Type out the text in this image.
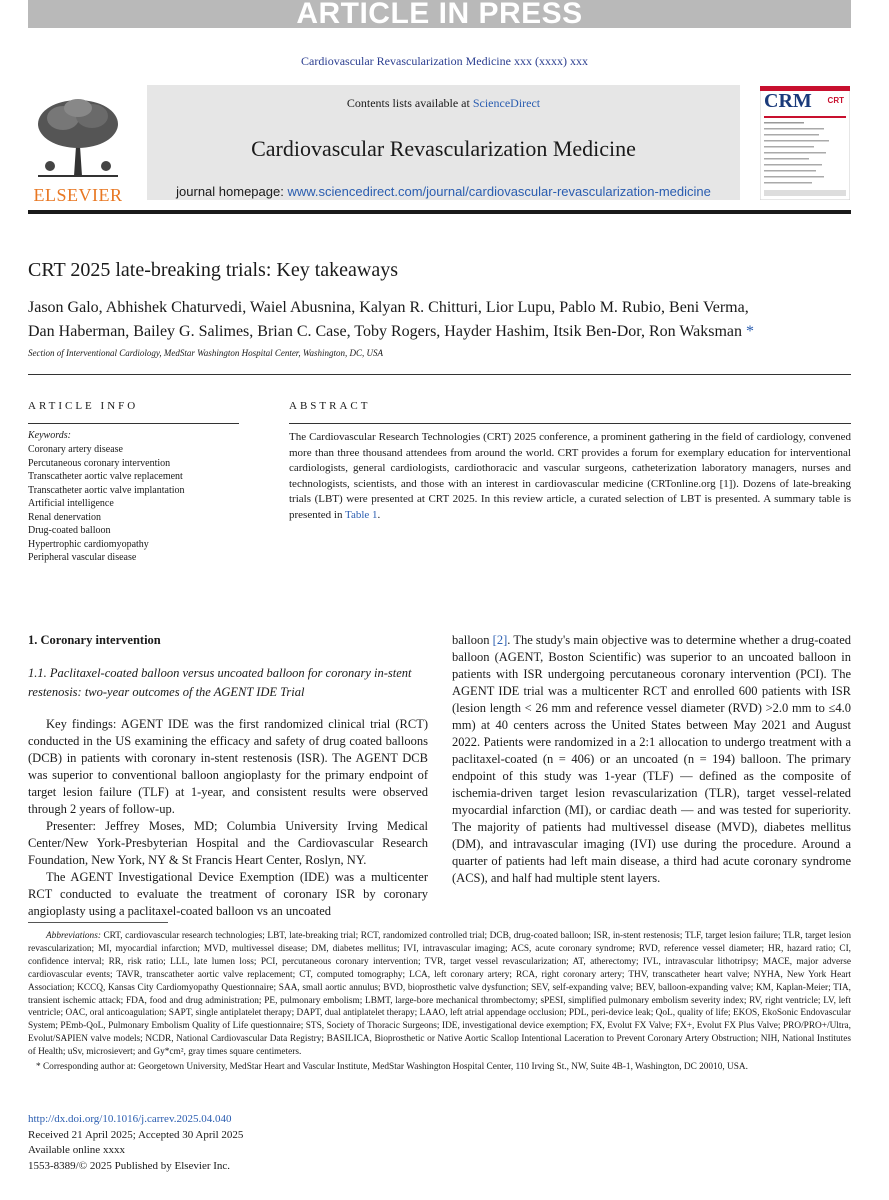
ARTICLE IN PRESS
Cardiovascular Revascularization Medicine xxx (xxxx) xxx
ELSEVIER
Contents lists available at ScienceDirect
Cardiovascular Revascularization Medicine
journal homepage: www.sciencedirect.com/journal/cardiovascular-revascularization-medicine
CRM CRT
CRT 2025 late-breaking trials: Key takeaways
Jason Galo, Abhishek Chaturvedi, Waiel Abusnina, Kalyan R. Chitturi, Lior Lupu, Pablo M. Rubio, Beni Verma,
Dan Haberman, Bailey G. Salimes, Brian C. Case, Toby Rogers, Hayder Hashim, Itsik Ben-Dor, Ron Waksman *
Section of Interventional Cardiology, MedStar Washington Hospital Center, Washington, DC, USA
ARTICLE INFO
Keywords:
Coronary artery disease
Percutaneous coronary intervention
Transcatheter aortic valve replacement
Transcatheter aortic valve implantation
Artificial intelligence
Renal denervation
Drug-coated balloon
Hypertrophic cardiomyopathy
Peripheral vascular disease
ABSTRACT
The Cardiovascular Research Technologies (CRT) 2025 conference, a prominent gathering in the field of cardiology, convened more than three thousand attendees from around the world. CRT provides a forum for exemplary education for interventional cardiologists, general cardiologists, cardiothoracic and vascular surgeons, catheterization laboratory managers, nurses and technologists, scientists, and those with an interest in cardiovascular medicine (CRTonline.org [1]). Dozens of late-breaking trials (LBT) were presented at CRT 2025. In this review article, a curated selection of LBT is presented. A summary table is presented in Table 1.
1. Coronary intervention
1.1. Paclitaxel-coated balloon versus uncoated balloon for coronary in-stent restenosis: two-year outcomes of the AGENT IDE Trial

Key findings: AGENT IDE was the first randomized clinical trial (RCT) conducted in the US examining the efficacy and safety of drug coated balloons (DCB) in patients with coronary in-stent restenosis (ISR). The AGENT DCB was superior to conventional balloon angioplasty for the primary endpoint of target lesion failure (TLF) at 1-year, and consistent results were observed through 2 years of follow-up.

Presenter: Jeffrey Moses, MD; Columbia University Irving Medical Center/New York-Presbyterian Hospital and the Cardiovascular Research Foundation, New York, NY & St Francis Heart Center, Roslyn, NY.

The AGENT Investigational Device Exemption (IDE) was a multicenter RCT conducted to evaluate the treatment of coronary ISR by coronary angioplasty using a paclitaxel-coated balloon vs an uncoated

balloon [2]. The study's main objective was to determine whether a drug-coated balloon (AGENT, Boston Scientific) was superior to an uncoated balloon in patients with ISR undergoing percutaneous coronary intervention (PCI). The AGENT IDE trial was a multicenter RCT and enrolled 600 patients with ISR (lesion length < 26 mm and reference vessel diameter (RVD) >2.0 mm to ≤4.0 mm) at 40 centers across the United States between May 2021 and August 2022. Patients were randomized in a 2:1 allocation to undergo treatment with a paclitaxel-coated (n = 406) or an uncoated (n = 194) balloon. The primary endpoint of this study was 1-year (TLF) — defined as the composite of ischemia-driven target lesion revascularization (TLR), target vessel-related myocardial infarction (MI), or cardiac death — and was tested for superiority. The majority of patients had multivessel disease (MVD), diabetes mellitus (DM), and intravascular imaging (IVI) use during the procedure. Around a quarter of patients had left main disease, a third had acute coronary syndrome (ACS), and half had multiple stent layers.

Abbreviations: CRT, cardiovascular research technologies; LBT, late-breaking trial; RCT, randomized controlled trial; DCB, drug-coated balloon; ISR, in-stent restenosis; TLF, target lesion failure; TLR, target lesion revascularization; MI, myocardial infarction; MVD, multivessel disease; DM, diabetes mellitus; IVI, intravascular imaging; ACS, acute coronary syndrome; RVD, reference vessel diameter; HR, hazard ratio; CI, confidence interval; RR, risk ratio; LLL, late lumen loss; PCI, percutaneous coronary intervention; TVR, target vessel revascularization; AT, atherectomy; IVL, intravascular lithotripsy; MACE, major adverse cardiovascular events; TAVR, transcatheter aortic valve replacement; CT, computed tomography; LCA, left coronary artery; RCA, right coronary artery; THV, transcatheter heart valve; NYHA, New York Heart Association; KCCQ, Kansas City Cardiomyopathy Questionnaire; SAA, small aortic annulus; BVD, bioprosthetic valve dysfunction; SEV, self-expanding valve; BEV, balloon-expanding valve; KM, Kaplan-Meier; TIA, transient ischemic attack; FDA, food and drug administration; PE, pulmonary embolism; LBMT, large-bore mechanical thrombectomy; sPESI, simplified pulmonary embolism severity index; RV, right ventricle; LV, left ventricle; OAC, oral anticoagulation; SAPT, single antiplatelet therapy; DAPT, dual antiplatelet therapy; LAAO, left atrial appendage occlusion; PDL, peri-device leak; QoL, quality of life; EKOS, EkoSonic Endovascular System; PEmb-QoL, Pulmonary Embolism Quality of Life questionnaire; STS, Society of Thoracic Surgeons; IDE, investigational device exemption; FX, Evolut FX Valve; FX+, Evolut FX Plus Valve; PRO/PRO+/Ultra, Evolut/SAPIEN valve models; NCDR, National Cardiovascular Data Registry; BASILICA, Bioprosthetic or Native Aortic Scallop Intentional Laceration to Prevent Coronary Artery Obstruction; NIH, National Institutes of Health; uSv, microsievert; and Gy*cm², gray times square centimeters.

* Corresponding author at: Georgetown University, MedStar Heart and Vascular Institute, MedStar Washington Hospital Center, 110 Irving St., NW, Suite 4B-1, Washington, DC 20010, USA.

http://dx.doi.org/10.1016/j.carrev.2025.04.040
Received 21 April 2025; Accepted 30 April 2025
Available online xxxx
1553-8389/© 2025 Published by Elsevier Inc.
